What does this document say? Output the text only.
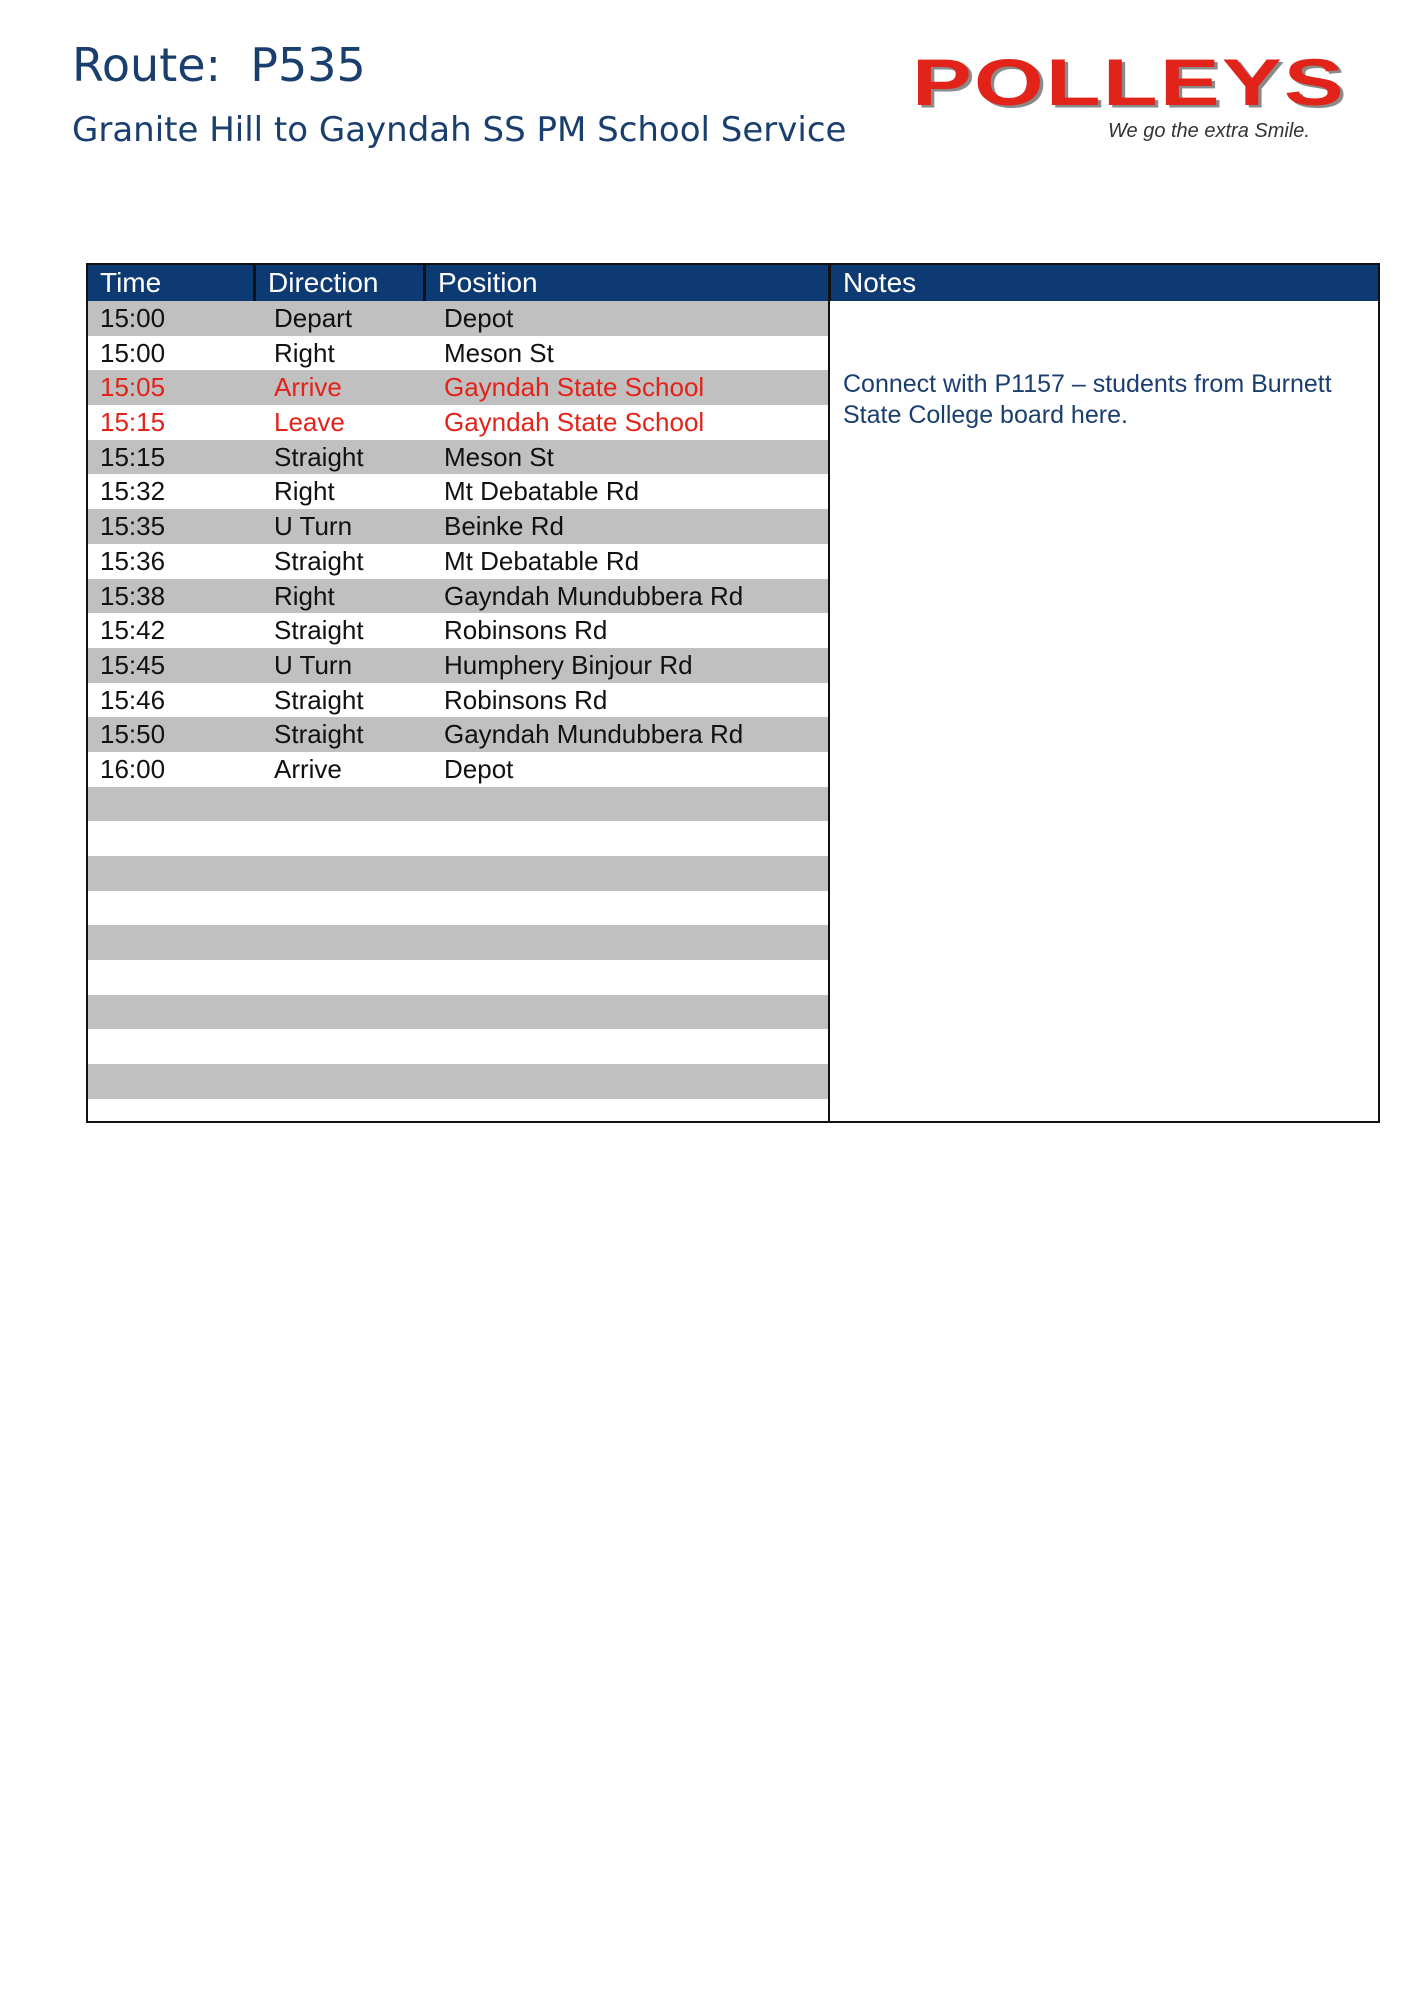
Route:  P535
Granite Hill to Gayndah SS PM School Service
POLLEYS
We go the extra Smile.
Time	Direction	Position	Notes
15:00	Depart	Depot
15:00	Right	Meson St
15:05	Arrive	Gayndah State School
15:15	Leave	Gayndah State School
15:15	Straight	Meson St
15:32	Right	Mt Debatable Rd
15:35	U Turn	Beinke Rd
15:36	Straight	Mt Debatable Rd
15:38	Right	Gayndah Mundubbera Rd
15:42	Straight	Robinsons Rd
15:45	U Turn	Humphery Binjour Rd
15:46	Straight	Robinsons Rd
15:50	Straight	Gayndah Mundubbera Rd
16:00	Arrive	Depot
Connect with P1157 – students from Burnett State College board here.
